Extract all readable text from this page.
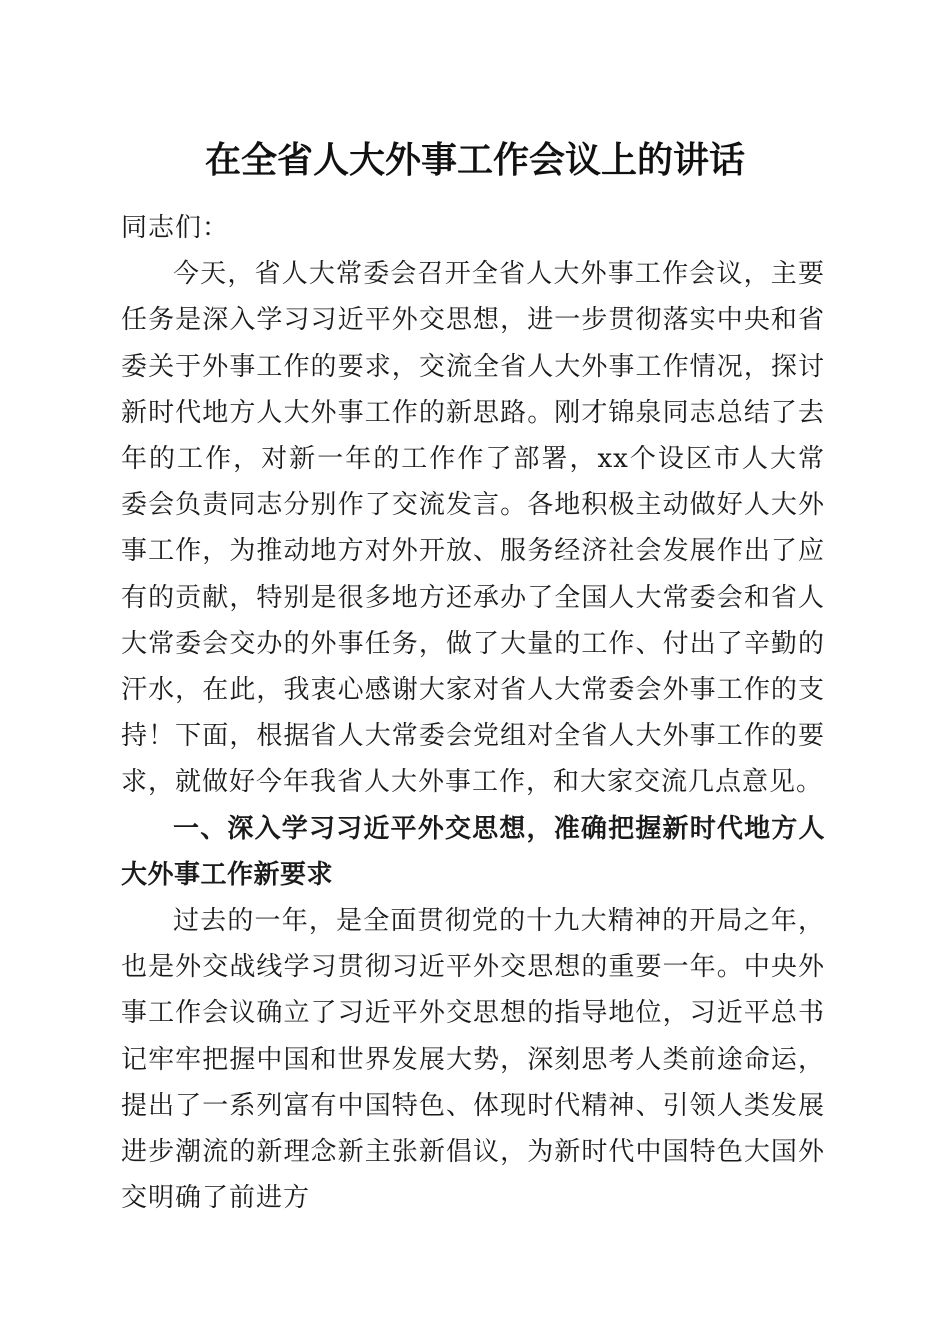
在全省人大外事工作会议上的讲话

同志们：

今天，省人大常委会召开全省人大外事工作会议，主要任务是深入学习习近平外交思想，进一步贯彻落实中央和省委关于外事工作的要求，交流全省人大外事工作情况，探讨新时代地方人大外事工作的新思路。刚才锦泉同志总结了去年的工作，对新一年的工作作了部署，xx个设区市人大常委会负责同志分别作了交流发言。各地积极主动做好人大外事工作，为推动地方对外开放、服务经济社会发展作出了应有的贡献，特别是很多地方还承办了全国人大常委会和省人大常委会交办的外事任务，做了大量的工作、付出了辛勤的汗水，在此，我衷心感谢大家对省人大常委会外事工作的支持！下面，根据省人大常委会党组对全省人大外事工作的要求，就做好今年我省人大外事工作，和大家交流几点意见。

一、深入学习习近平外交思想，准确把握新时代地方人大外事工作新要求

过去的一年，是全面贯彻党的十九大精神的开局之年，也是外交战线学习贯彻习近平外交思想的重要一年。中央外事工作会议确立了习近平外交思想的指导地位，习近平总书记牢牢把握中国和世界发展大势，深刻思考人类前途命运，提出了一系列富有中国特色、体现时代精神、引领人类发展进步潮流的新理念新主张新倡议，为新时代中国特色大国外交明确了前进方
